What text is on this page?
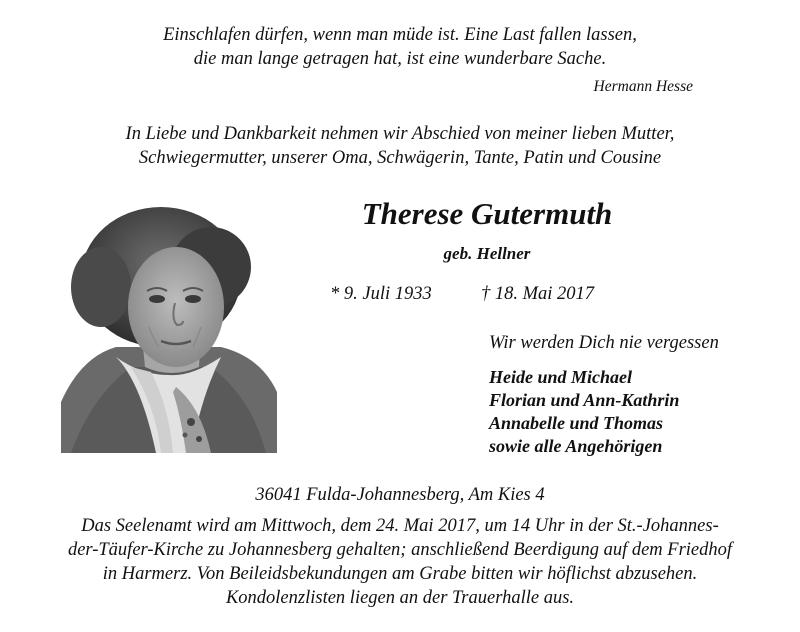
Einschlafen dürfen, wenn man müde ist. Eine Last fallen lassen,

die man lange getragen hat, ist eine wunderbare Sache.

Hermann Hesse

In Liebe und Dankbarkeit nehmen wir Abschied von meiner lieben Mutter,

Schwiegermutter, unserer Oma, Schwägerin, Tante, Patin und Cousine

Therese Gutermuth

geb. Hellner

* 9. Juli 1933	† 18. Mai 2017

Wir werden Dich nie vergessen

Heide und Michael
Florian und Ann-Kathrin
Annabelle und Thomas
sowie alle Angehörigen

36041 Fulda-Johannesberg, Am Kies 4

Das Seelenamt wird am Mittwoch, dem 24. Mai 2017, um 14 Uhr in der St.-Johannes-

der-Täufer-Kirche zu Johannesberg gehalten; anschließend Beerdigung auf dem Friedhof

in Harmerz. Von Beileidsbekundungen am Grabe bitten wir höflichst abzusehen.

Kondolenzlisten liegen an der Trauerhalle aus.
